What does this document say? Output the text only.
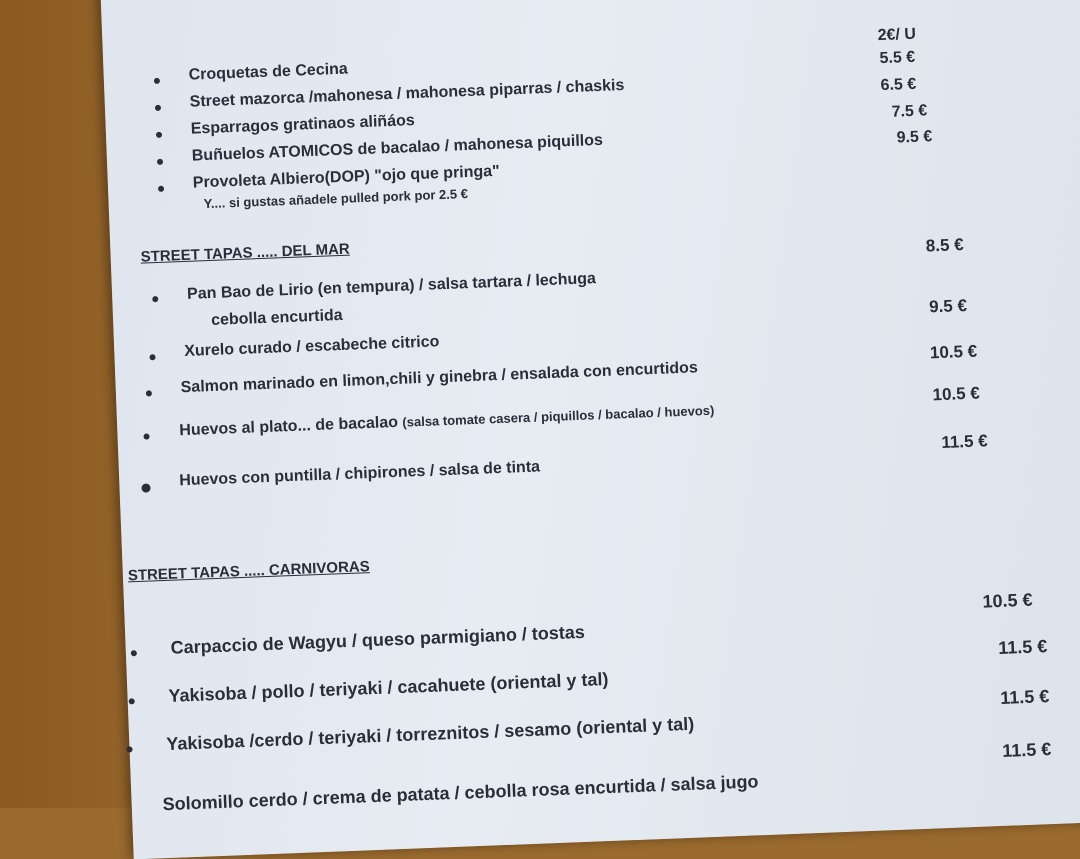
2€/ U
Croquetas de Cecina
5.5 €
Street mazorca /mahonesa / mahonesa piparras / chaskis	6.5 €
Esparragos gratinaos aliñáos
7.5 €
Buñuelos ATOMICOS de bacalao / mahonesa piquillos	9.5 €
Provoleta Albiero(DOP) "ojo que pringa"
Y.... si gustas añadele pulled pork por 2.5 €
STREET TAPAS ..... DEL MAR
Pan Bao de Lirio (en tempura) / salsa tartara / lechuga
cebolla encurtida
8.5 €
Xurelo curado / escabeche citrico
9.5 €
Salmon marinado en limon,chili y ginebra / ensalada con encurtidos
10.5 €
Huevos al plato... de bacalao (salsa tomate casera / piquillos / bacalao / huevos)
10.5 €
Huevos con puntilla / chipirones / salsa de tinta
11.5 €
STREET TAPAS ..... CARNIVORAS
Carpaccio de Wagyu / queso parmigiano / tostas
10.5 €
Yakisoba / pollo / teriyaki / cacahuete (oriental y tal)
11.5 €
Yakisoba /cerdo / teriyaki / torreznitos / sesamo (oriental y tal)
11.5 €
Solomillo cerdo / crema de patata / cebolla rosa encurtida / salsa jugo
11.5 €
